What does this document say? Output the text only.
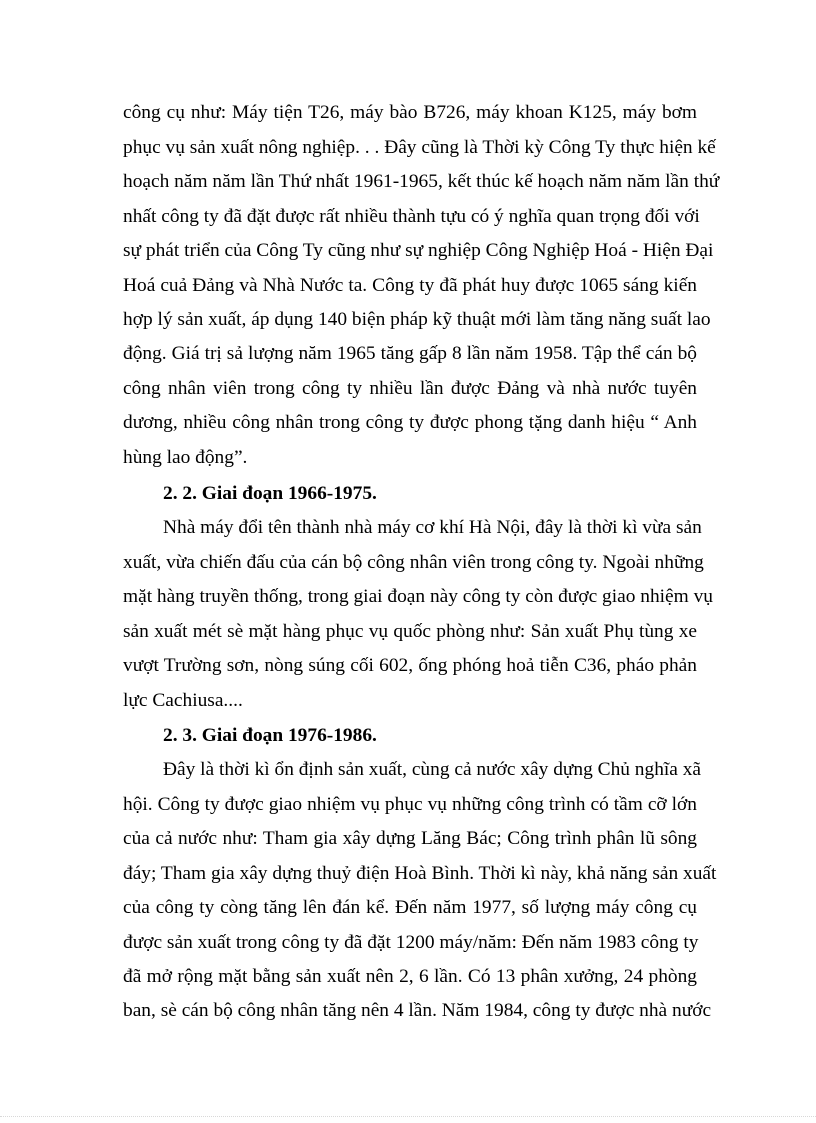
công cụ như: Máy tiện T26, máy bào B726, máy khoan K125, máy bơm
phục vụ sản xuất nông nghiệp. . . Đây cũng là Thời kỳ Công Ty thực hiện kế
hoạch năm năm lần Thứ nhất 1961-1965, kết thúc kế hoạch năm năm lần thứ
nhất công ty đã đặt được rất nhiều thành tựu có ý nghĩa quan trọng đối với
sự phát triển của Công Ty cũng như sự nghiệp Công Nghiệp Hoá - Hiện Đại
Hoá cuả Đảng và Nhà Nước ta. Công ty đã phát huy được 1065 sáng kiến
hợp lý sản xuất, áp dụng 140 biện pháp kỹ thuật mới làm tăng năng suất lao
động. Giá trị sả lượng năm 1965 tăng gấp 8 lần năm 1958. Tập thể cán bộ
công nhân viên trong công ty nhiều lần được Đảng và nhà nước tuyên
dương, nhiều công nhân trong công ty được phong tặng danh hiệu “ Anh
hùng lao động”.
2. 2. Giai đoạn 1966-1975.
Nhà máy đổi tên thành nhà máy cơ khí Hà Nội, đây là thời kì vừa sản
xuất, vừa chiến đấu của cán bộ công nhân viên trong công ty. Ngoài những
mặt hàng truyền thống, trong giai đoạn này công ty còn được giao nhiệm vụ
sản xuất mét sè mặt hàng phục vụ quốc phòng như: Sản xuất Phụ tùng xe
vượt Trường sơn, nòng súng cối 602, ống phóng hoả tiễn C36, pháo phản
lực Cachiusa....
2. 3. Giai đoạn 1976-1986.
Đây là thời kì ổn định sản xuất, cùng cả nước xây dựng Chủ nghĩa xã
hội. Công ty được giao nhiệm vụ phục vụ những công trình có tầm cỡ lớn
của cả nước như: Tham gia xây dựng Lăng Bác; Công trình phân lũ sông
đáy; Tham gia xây dựng thuỷ điện Hoà Bình. Thời kì này, khả năng sản xuất
của công ty còng tăng lên đán kể. Đến năm 1977, số lượng máy công cụ
được sản xuất trong công ty đã đặt 1200 máy/năm: Đến năm 1983 công ty
đã mở rộng mặt bằng sản xuất nên 2, 6 lần. Có 13 phân xưởng, 24 phòng
ban, sè cán bộ công nhân tăng nên 4 lần. Năm 1984, công ty được nhà nước
